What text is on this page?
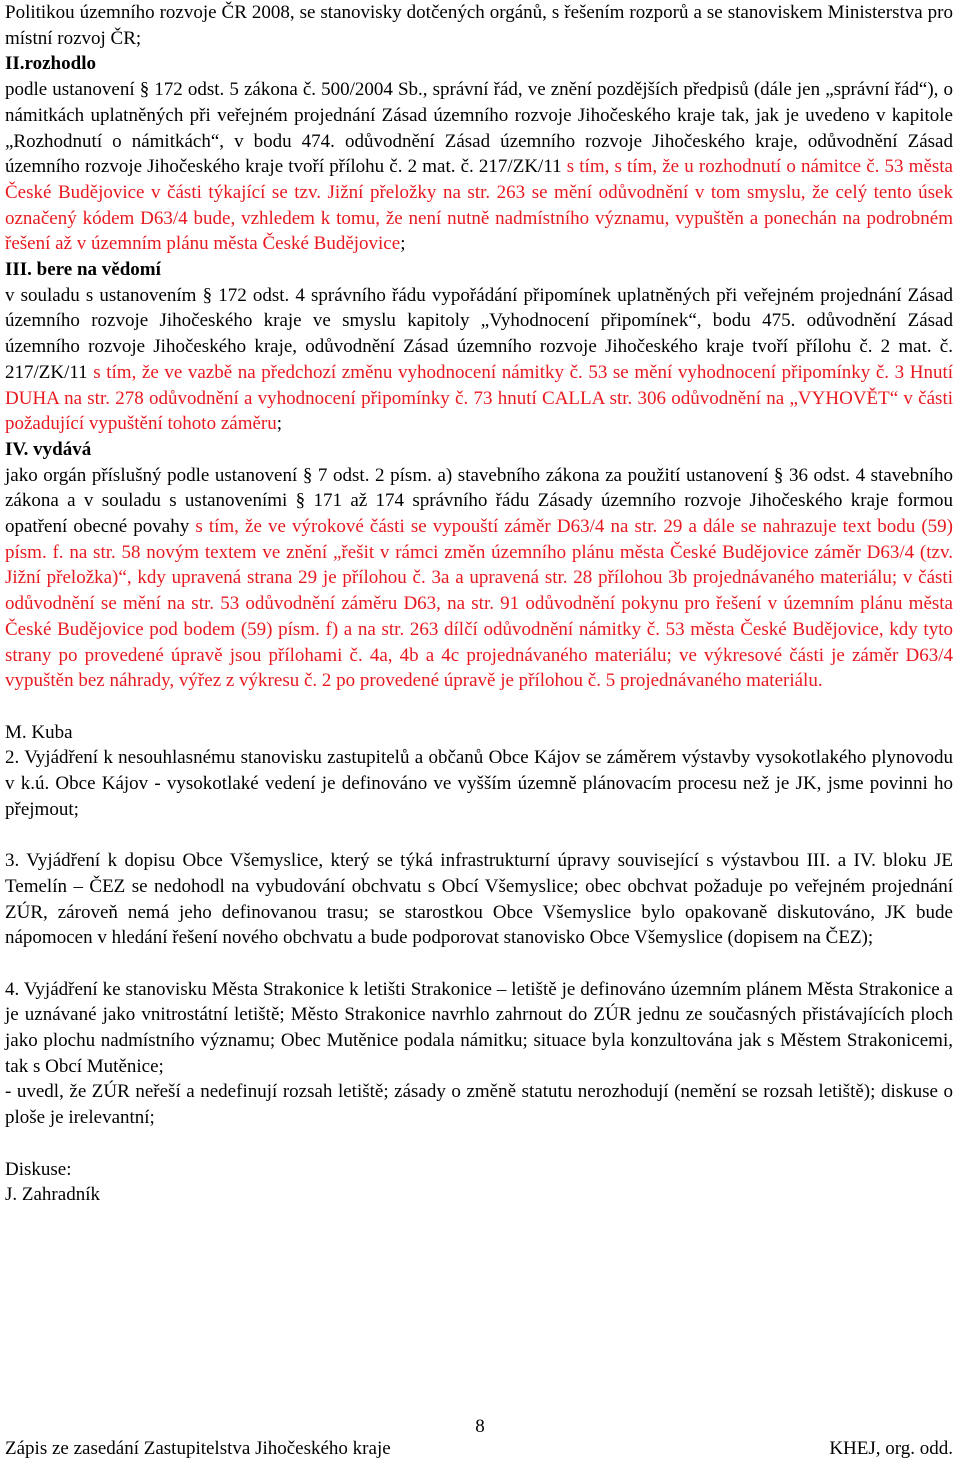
Politikou územního rozvoje ČR 2008, se stanovisky dotčených orgánů, s řešením rozporů a se stanoviskem Ministerstva pro místní rozvoj ČR;

II.rozhodlo

podle ustanovení § 172 odst. 5 zákona č. 500/2004 Sb., správní řád, ve znění pozdějších předpisů (dále jen „správní řád“), o námitkách uplatněných při veřejném projednání Zásad územního rozvoje Jihočeského kraje tak, jak je uvedeno v kapitole „Rozhodnutí o námitkách“, v bodu 474. odůvodnění Zásad územního rozvoje Jihočeského kraje, odůvodnění Zásad územního rozvoje Jihočeského kraje tvoří přílohu č. 2 mat. č. 217/ZK/11 s tím, s tím, že u rozhodnutí o námitce č. 53 města České Budějovice v části týkající se tzv. Jižní přeložky na str. 263 se mění odůvodnění v tom smyslu, že celý tento úsek označený kódem D63/4 bude, vzhledem k tomu, že není nutně nadmístního významu, vypuštěn a ponechán na podrobném řešení až v územním plánu města České Budějovice;

III. bere na vědomí

v souladu s ustanovením § 172 odst. 4 správního řádu vypořádání připomínek uplatněných při veřejném projednání Zásad územního rozvoje Jihočeského kraje ve smyslu kapitoly „Vyhodnocení připomínek“, bodu 475. odůvodnění Zásad územního rozvoje Jihočeského kraje, odůvodnění Zásad územního rozvoje Jihočeského kraje tvoří přílohu č. 2 mat. č. 217/ZK/11 s tím, že ve vazbě na předchozí změnu vyhodnocení námitky č. 53 se mění vyhodnocení připomínky č. 3 Hnutí DUHA na str. 278 odůvodnění a vyhodnocení připomínky č. 73 hnutí CALLA str. 306 odůvodnění na „VYHOVĚT“ v části požadující vypuštění tohoto záměru;

IV. vydává

jako orgán příslušný podle ustanovení § 7 odst. 2 písm. a) stavebního zákona za použití ustanovení § 36 odst. 4 stavebního zákona a v souladu s ustanoveními § 171 až 174 správního řádu Zásady územního rozvoje Jihočeského kraje formou opatření obecné povahy s tím, že ve výrokové části se vypouští záměr D63/4 na str. 29 a dále se nahrazuje text bodu (59) písm. f. na str. 58 novým textem ve znění „řešit v rámci změn územního plánu města České Budějovice záměr D63/4 (tzv. Jižní přeložka)“, kdy upravená strana 29 je přílohou č. 3a a upravená str. 28 přílohou 3b projednávaného materiálu; v části odůvodnění se mění na str. 53 odůvodnění záměru D63, na str. 91 odůvodnění pokynu pro řešení v územním plánu města České Budějovice pod bodem (59) písm. f) a na str. 263 dílčí odůvodnění námitky č. 53 města České Budějovice, kdy tyto strany po provedené úpravě jsou přílohami č. 4a, 4b a 4c projednávaného materiálu; ve výkresové části je záměr D63/4 vypuštěn bez náhrady, výřez z výkresu č. 2 po provedené úpravě je přílohou č. 5 projednávaného materiálu.

M. Kuba

2. Vyjádření k nesouhlasnému stanovisku zastupitelů a občanů Obce Kájov se záměrem výstavby vysokotlakého plynovodu v k.ú. Obce Kájov - vysokotlaké vedení je definováno ve vyšším územně plánovacím procesu než je JK, jsme povinni ho přejmout;

3. Vyjádření k dopisu Obce Všemyslice, který se týká infrastrukturní úpravy související s výstavbou III. a IV. bloku JE Temelín – ČEZ se nedohodl na vybudování obchvatu s Obcí Všemyslice; obec obchvat požaduje po veřejném projednání ZÚR, zároveň nemá jeho definovanou trasu; se starostkou Obce Všemyslice bylo opakovaně diskutováno, JK bude nápomocen v hledání řešení nového obchvatu a bude podporovat stanovisko Obce Všemyslice (dopisem na ČEZ);

4. Vyjádření ke stanovisku Města Strakonice k letišti Strakonice – letiště je definováno územním plánem Města Strakonice a je uznávané jako vnitrostátní letiště; Město Strakonice navrhlo zahrnout do ZÚR jednu ze současných přistávajících ploch jako plochu nadmístního významu; Obec Mutěnice podala námitku; situace byla konzultována jak s Městem Strakonicemi, tak s Obcí Mutěnice;

- uvedl, že ZÚR neřeší a nedefinují rozsah letiště; zásady o změně statutu nerozhodují (nemění se rozsah letiště); diskuse o ploše je irelevantní;

Diskuse:

J. Zahradník

8
Zápis ze zasedání Zastupitelstva Jihočeského kraje	KHEJ, org. odd.
